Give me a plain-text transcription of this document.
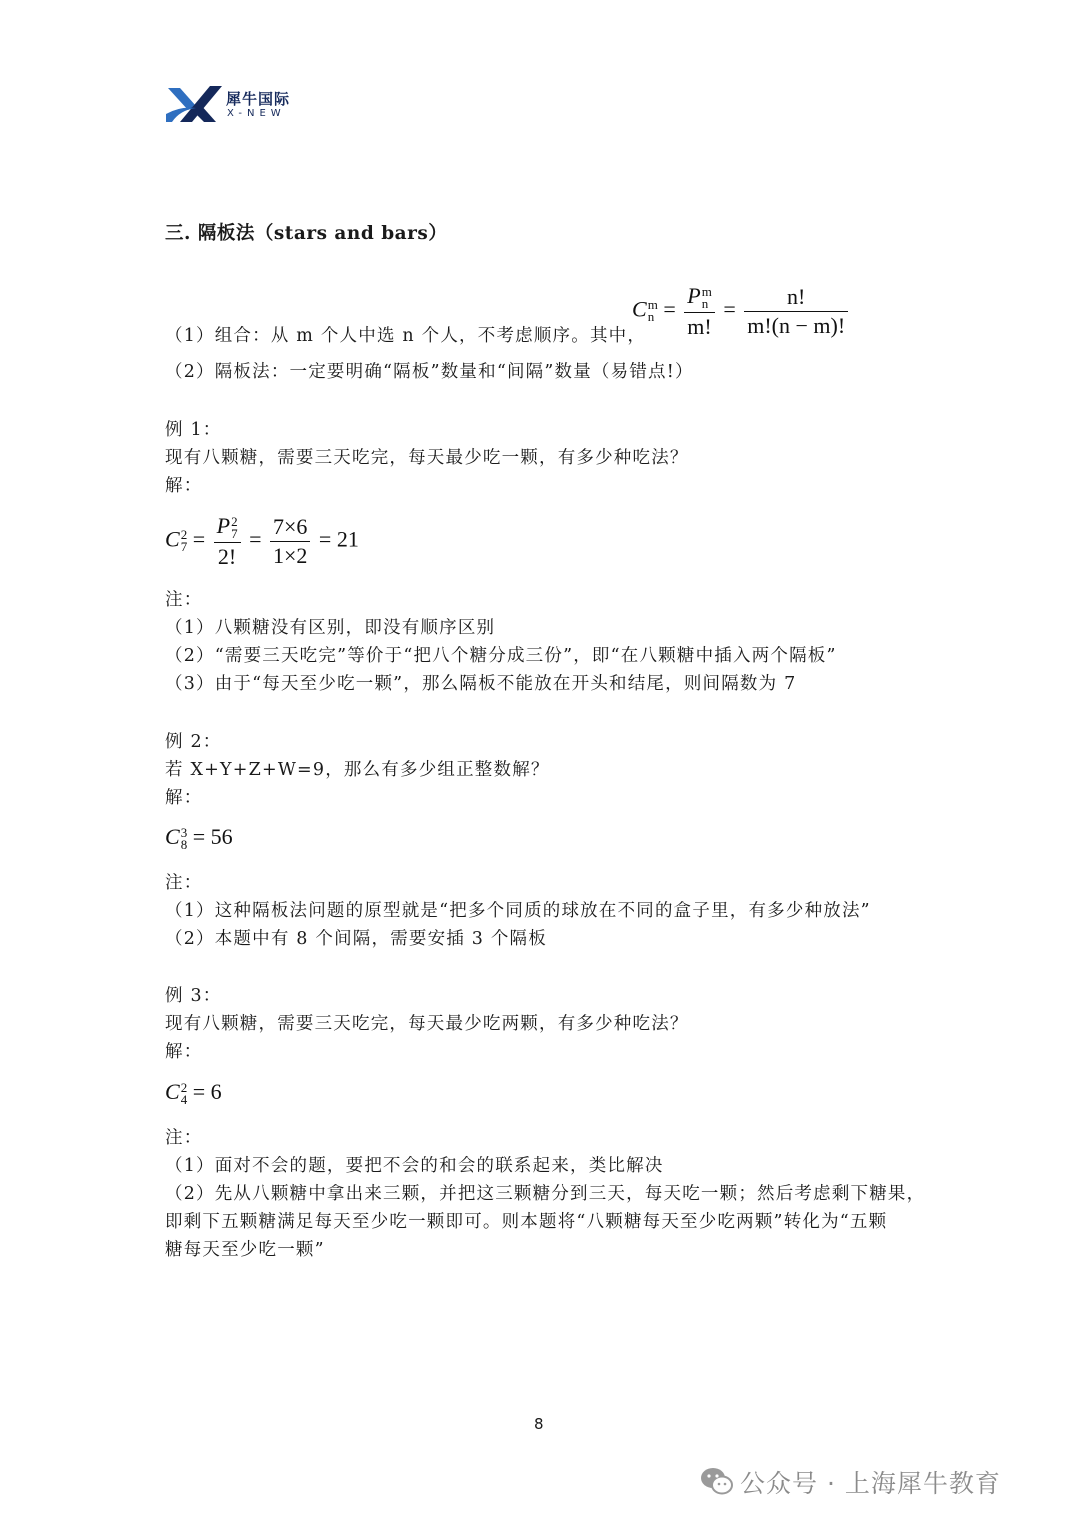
犀牛国际
X-NEW
三. 隔板法（stars and bars）
C m
n = P m
n
m! = $\frac{n!}{m!(n - m)!}$
（1）组合：从 m 个人中选 n 个人，不考虑顺序。其中，
（2）隔板法：一定要明确“隔板”数量和“间隔”数量（易错点!）
例 1：
现有八颗糖，需要三天吃完，每天最少吃一颗，有多少种吃法？
解：
C 2
7 = P 2
7
2! = $\frac{7\times 6}{1\times 2} = 21$
注：
（1）八颗糖没有区别，即没有顺序区别
（2）“需要三天吃完”等价于“把八个糖分成三份”，即“在八颗糖中插入两个隔板”
（3）由于“每天至少吃一颗”，那么隔板不能放在开头和结尾，则间隔数为 7
例 2：
若 X+Y+Z+W=9，那么有多少组正整数解？
解：
C 3
8 = 56
注：
（1）这种隔板法问题的原型就是“把多个同质的球放在不同的盒子里，有多少种放法”
（2）本题中有 8 个间隔，需要安插 3 个隔板
例 3：
现有八颗糖，需要三天吃完，每天最少吃两颗，有多少种吃法？
解：
C 2
4 = 6
注：
（1）面对不会的题，要把不会的和会的联系起来，类比解决
（2）先从八颗糖中拿出来三颗，并把这三颗糖分到三天，每天吃一颗；然后考虑剩下糖果，
即剩下五颗糖满足每天至少吃一颗即可。则本题将“八颗糖每天至少吃两颗”转化为“五颗
糖每天至少吃一颗”
8
公众号 · 上海犀牛教育
